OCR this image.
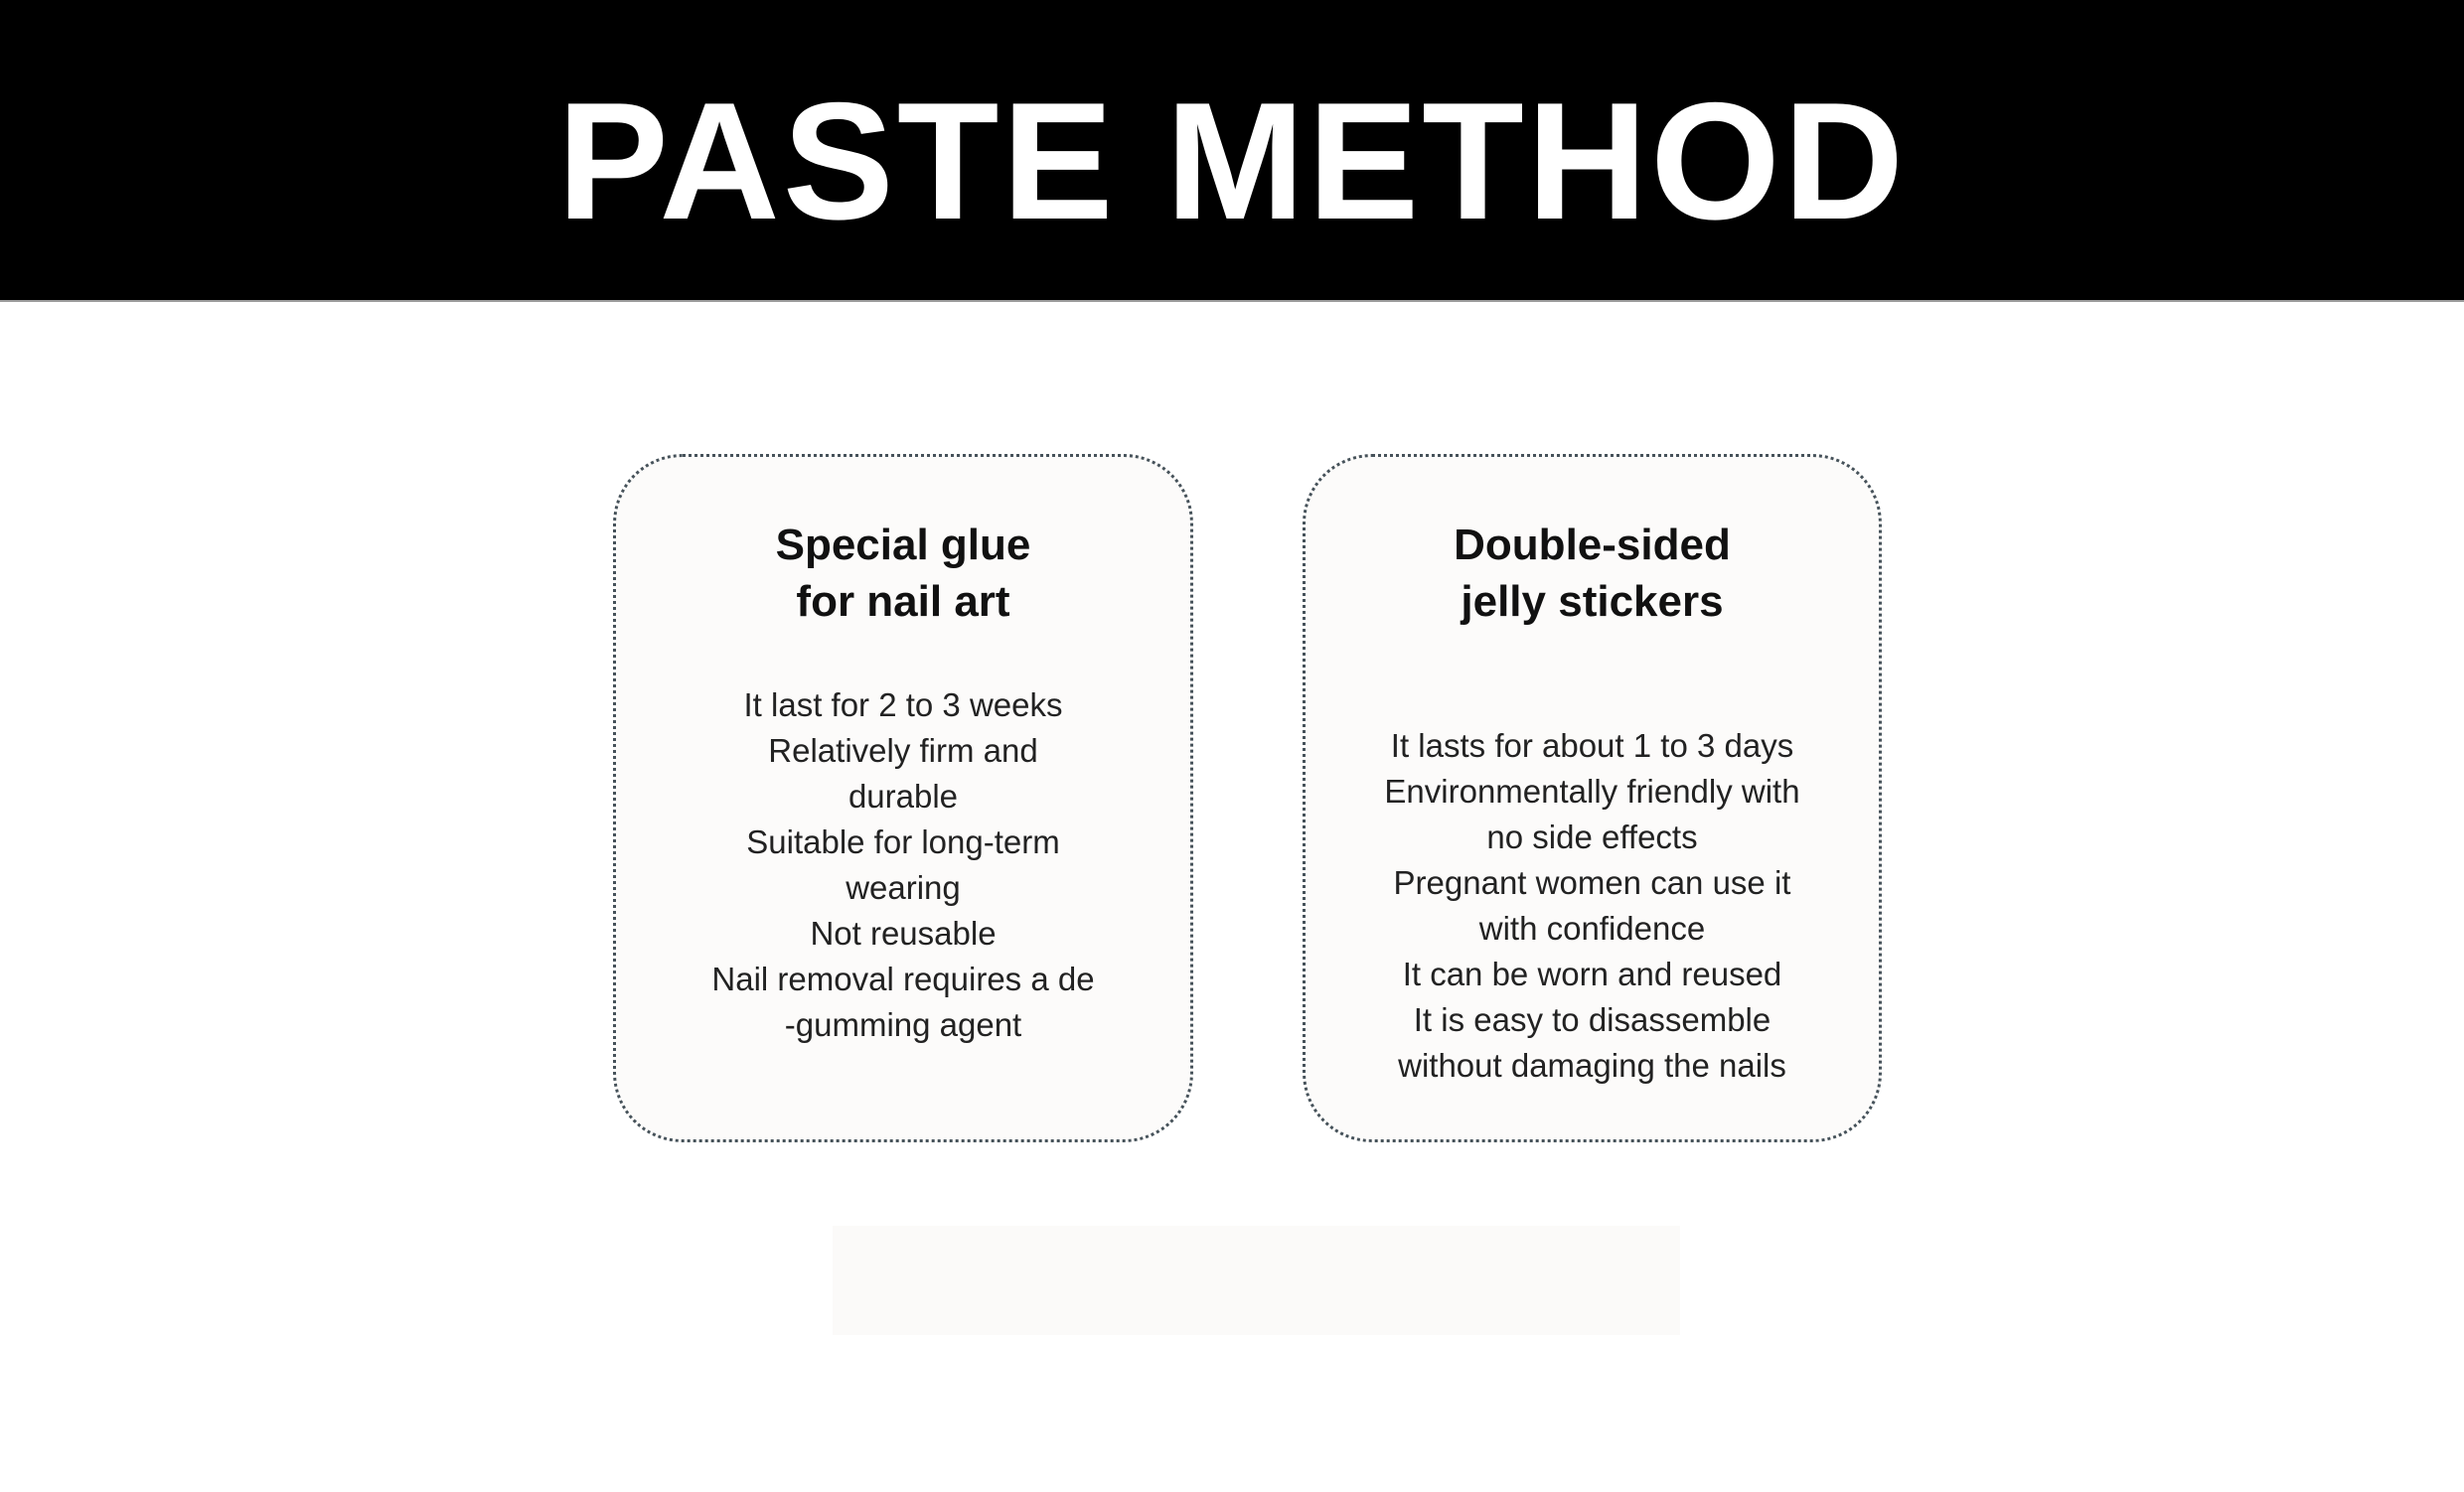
PASTE METHOD
Special glue
for nail art
It last for 2 to 3 weeks
Relatively firm and
durable
Suitable for long-term
wearing
Not reusable
Nail removal requires a de
-gumming agent
Double-sided
jelly stickers
It lasts for about 1 to 3 days
Environmentally friendly with
no side effects
Pregnant women can use it
with confidence
It can be worn and reused
It is easy to disassemble
without damaging the nails
